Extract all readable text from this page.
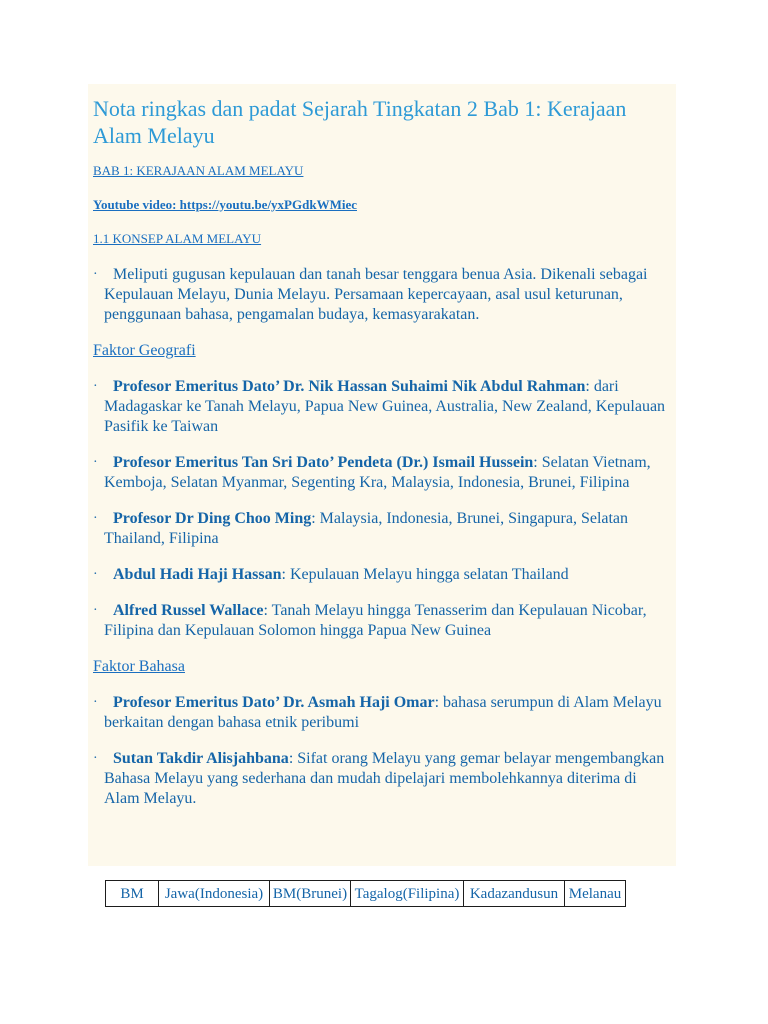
Nota ringkas dan padat Sejarah Tingkatan 2 Bab 1: Kerajaan Alam Melayu
BAB 1: KERAJAAN ALAM MELAYU
Youtube video: https://youtu.be/yxPGdkWMiec
1.1 KONSEP ALAM MELAYU
· Meliputi gugusan kepulauan dan tanah besar tenggara benua Asia. Dikenali sebagai Kepulauan Melayu, Dunia Melayu. Persamaan kepercayaan, asal usul keturunan, penggunaan bahasa, pengamalan budaya, kemasyarakatan.
Faktor Geografi
· Profesor Emeritus Dato’ Dr. Nik Hassan Suhaimi Nik Abdul Rahman: dari Madagaskar ke Tanah Melayu, Papua New Guinea, Australia, New Zealand, Kepulauan Pasifik ke Taiwan
· Profesor Emeritus Tan Sri Dato’ Pendeta (Dr.) Ismail Hussein: Selatan Vietnam, Kemboja, Selatan Myanmar, Segenting Kra, Malaysia, Indonesia, Brunei, Filipina
· Profesor Dr Ding Choo Ming: Malaysia, Indonesia, Brunei, Singapura, Selatan Thailand, Filipina
· Abdul Hadi Haji Hassan: Kepulauan Melayu hingga selatan Thailand
· Alfred Russel Wallace: Tanah Melayu hingga Tenasserim dan Kepulauan Nicobar, Filipina dan Kepulauan Solomon hingga Papua New Guinea
Faktor Bahasa
· Profesor Emeritus Dato’ Dr. Asmah Haji Omar: bahasa serumpun di Alam Melayu berkaitan dengan bahasa etnik peribumi
· Sutan Takdir Alisjahbana: Sifat orang Melayu yang gemar belayar mengembangkan Bahasa Melayu yang sederhana dan mudah dipelajari membolehkannya diterima di Alam Melayu.
BM	Jawa(Indonesia)	BM(Brunei)	Tagalog(Filipina)	Kadazandusun	Melanau
